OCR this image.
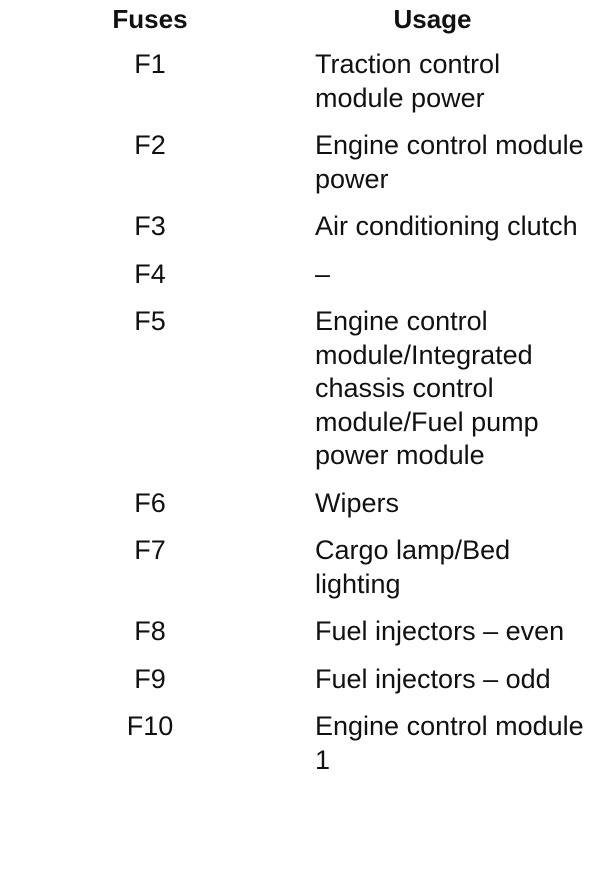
Fuses	Usage
F1	Traction control module power

F2	Engine control module power

F3	Air conditioning clutch

F4	–

F5	Engine control module/Integrated chassis control module/Fuel pump power module

F6	Wipers

F7	Cargo lamp/Bed lighting

F8	Fuel injectors – even

F9	Fuel injectors – odd

F10	Engine control module 1
